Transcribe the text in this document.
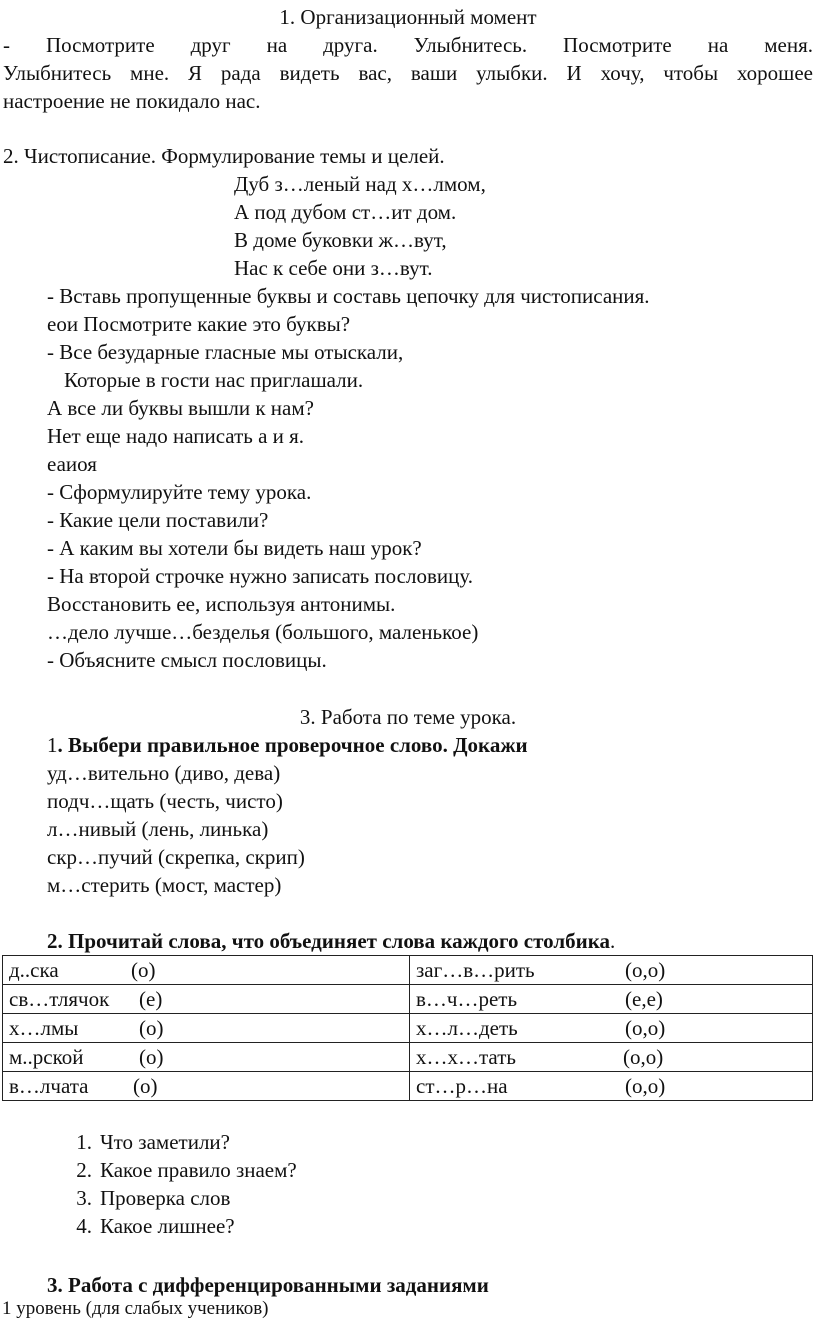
1. Организационный момент
- Посмотрите друг на друга. Улыбнитесь. Посмотрите на меня.
Улыбнитесь мне. Я рада видеть вас, ваши улыбки. И хочу, чтобы хорошее
настроение не покидало нас.
2. Чистописание. Формулирование темы и целей.
Дуб з…леный над х…лмом,
А под дубом ст…ит дом.
В доме буковки ж…вут,
Нас к себе они з…вут.
- Вставь пропущенные буквы и составь цепочку для чистописания.
еои Посмотрите какие это буквы?
- Все безударные гласные мы отыскали,
Которые в гости нас приглашали.
А все ли буквы вышли к нам?
Нет еще надо написать а и я.
еаиоя
- Сформулируйте тему урока.
- Какие цели поставили?
- А каким вы хотели бы видеть наш урок?
- На второй строчке нужно записать пословицу.
Восстановить ее, используя антонимы.
…дело лучше…безделья (большого, маленькое)
- Объясните смысл пословицы.
3. Работа по теме урока.
1. Выбери правильное проверочное слово. Докажи
уд…вительно (диво, дева)
подч…щать (честь, чисто)
л…нивый (лень, линька)
скр…пучий (скрепка, скрип)
м…стерить (мост, мастер)
2. Прочитай слова, что объединяет слова каждого столбика.
д..ска (о)	заг…в…рить (о,о)

св…тлячок (е)	в…ч…реть (е,е)

х…лмы (о)	х…л…деть (о,о)

м..рской (о)	х…х…тать (о,о)

в…лчата (о)	ст…р…на (о,о)
1. Что заметили?
2. Какое правило знаем?
3. Проверка слов
4. Какое лишнее?
3. Работа с дифференцированными заданиями
1 уровень (для слабых учеников)
